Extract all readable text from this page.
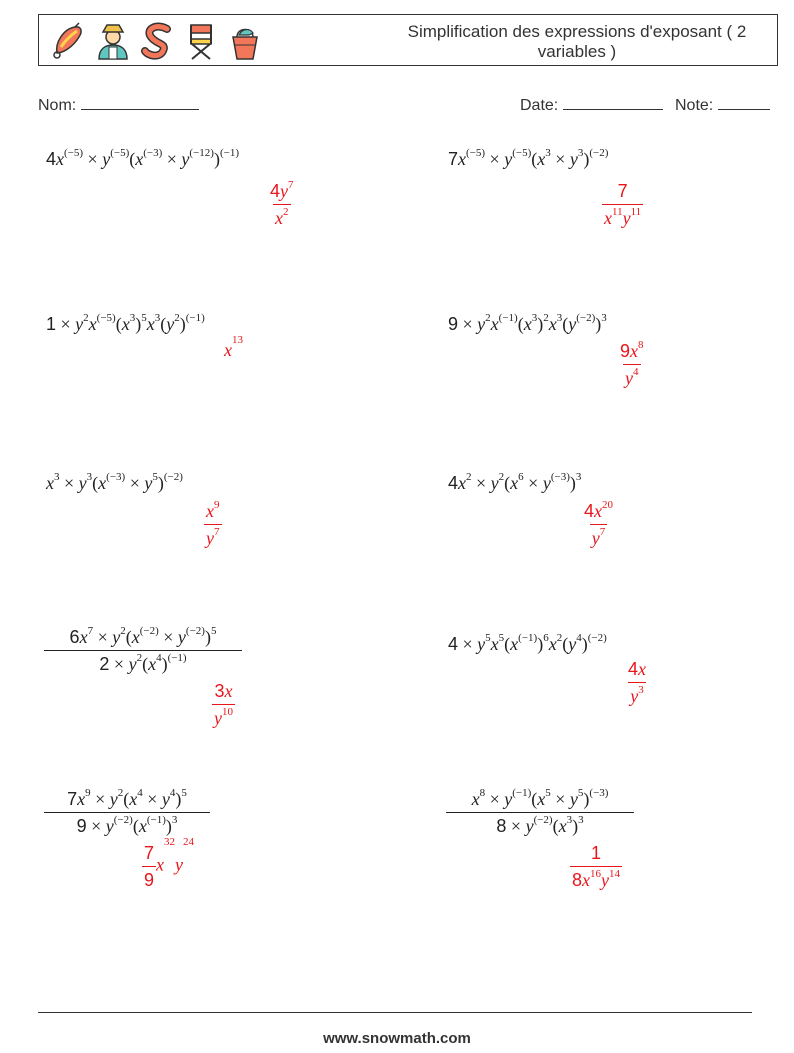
Simplification des expressions d'exposant ( 2 variables )
Nom:	Date:	Note:
$4x^{(-5)} \times y^{(-5)}(x^{(-3)} \times y^{(-12)})^{(-1)}$
$\frac{4y^7}{x^2}$
$7x^{(-5)} \times y^{(-5)}(x^3 \times y^3)^{(-2)}$
$\frac{7}{x^{11}y^{11}}$
$1 \times y^2x^{(-5)}(x^3)^5x^3(y^2)^{(-1)}$
$x^{13}$
$9 \times y^2x^{(-1)}(x^3)^2x^3(y^{(-2)})^3$
$\frac{9x^8}{y^4}$
$x^3 \times y^3(x^{(-3)} \times y^5)^{(-2)}$
$\frac{x^9}{y^7}$
$4x^2 \times y^2(x^6 \times y^{(-3)})^3$
$\frac{4x^{20}}{y^7}$
$\frac{6x^7 \times y^2(x^{(-2)} \times y^{(-2)})^5}{2 \times y^2(x^4)^{(-1)}}$
$\frac{3x}{y^{10}}$
$4 \times y^5x^5(x^{(-1)})^6x^2(y^4)^{(-2)}$
$\frac{4x}{y^3}$
$\frac{7x^9 \times y^2(x^4 \times y^4)^5}{9 \times y^{(-2)}(x^{(-1)})^3}$
$\frac{7}{9} x^{32}y^{24}$
$\frac{x^8 \times y^{(-1)}(x^5 \times y^5)^{(-3)}}{8 \times y^{(-2)}(x^3)^3}$
$\frac{1}{8x^{16}y^{14}}$
www.snowmath.com
